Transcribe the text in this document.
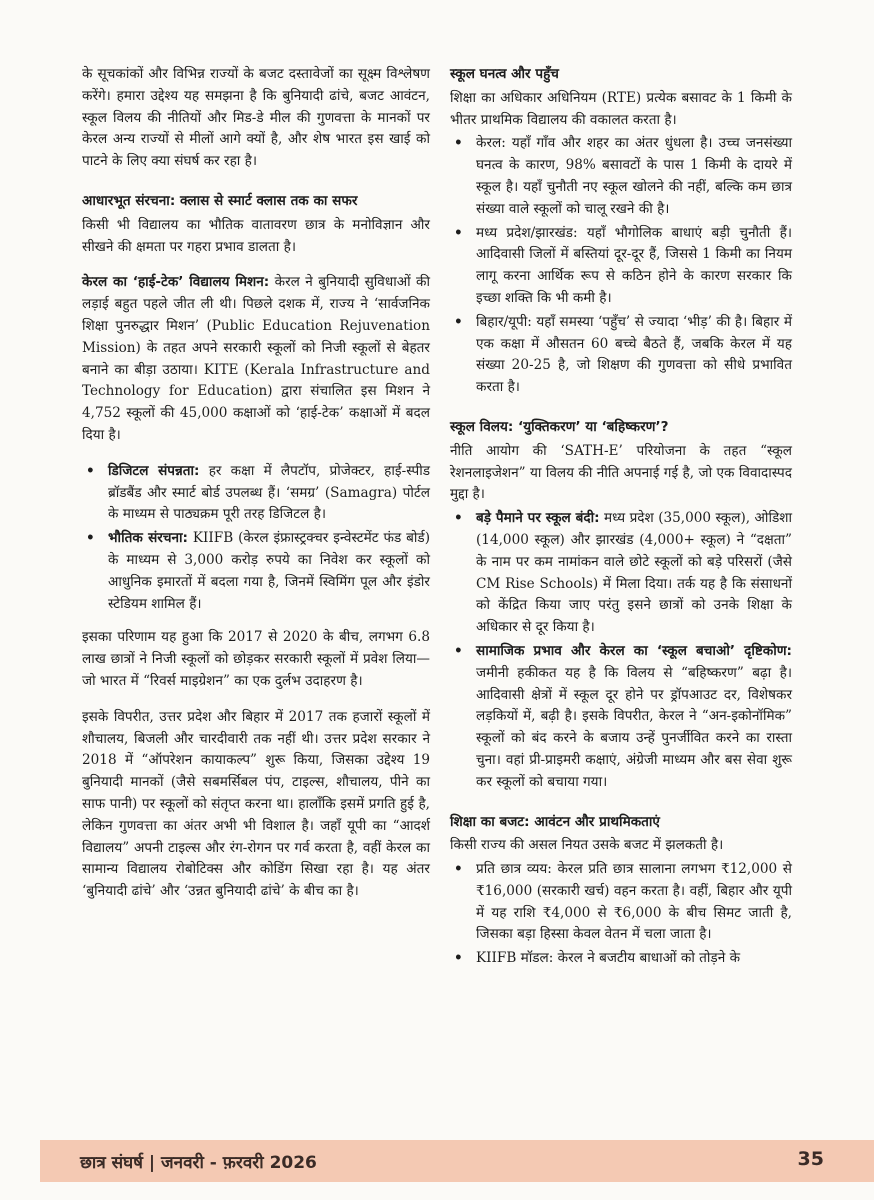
के सूचकांकों और विभिन्न राज्यों के बजट दस्तावेजों का सूक्ष्म विश्लेषण करेंगे। हमारा उद्देश्य यह समझना है कि बुनियादी ढांचे, बजट आवंटन, स्कूल विलय की नीतियों और मिड-डे मील की गुणवत्ता के मानकों पर केरल अन्य राज्यों से मीलों आगे क्यों है, और शेष भारत इस खाई को पाटने के लिए क्या संघर्ष कर रहा है।

आधारभूत संरचना: क्लास से स्मार्ट क्लास तक का सफर

किसी भी विद्यालय का भौतिक वातावरण छात्र के मनोविज्ञान और सीखने की क्षमता पर गहरा प्रभाव डालता है।

केरल का ‘हाई-टेक’ विद्यालय मिशन: केरल ने बुनियादी सुविधाओं की लड़ाई बहुत पहले जीत ली थी। पिछले दशक में, राज्य ने ‘सार्वजनिक शिक्षा पुनरुद्धार मिशन’ (Public Education Rejuvenation Mission) के तहत अपने सरकारी स्कूलों को निजी स्कूलों से बेहतर बनाने का बीड़ा उठाया। KITE (Kerala Infrastructure and Technology for Education) द्वारा संचालित इस मिशन ने 4,752 स्कूलों की 45,000 कक्षाओं को ‘हाई-टेक’ कक्षाओं में बदल दिया है।

• डिजिटल संपन्नता: हर कक्षा में लैपटॉप, प्रोजेक्टर, हाई-स्पीड ब्रॉडबैंड और स्मार्ट बोर्ड उपलब्ध हैं। ‘समग्र’ (Samagra) पोर्टल के माध्यम से पाठ्यक्रम पूरी तरह डिजिटल है।
• भौतिक संरचना: KIIFB (केरल इंफ्रास्ट्रक्चर इन्वेस्टमेंट फंड बोर्ड) के माध्यम से 3,000 करोड़ रुपये का निवेश कर स्कूलों को आधुनिक इमारतों में बदला गया है, जिनमें स्विमिंग पूल और इंडोर स्टेडियम शामिल हैं।

इसका परिणाम यह हुआ कि 2017 से 2020 के बीच, लगभग 6.8 लाख छात्रों ने निजी स्कूलों को छोड़कर सरकारी स्कूलों में प्रवेश लिया—जो भारत में “रिवर्स माइग्रेशन” का एक दुर्लभ उदाहरण है।

इसके विपरीत, उत्तर प्रदेश और बिहार में 2017 तक हजारों स्कूलों में शौचालय, बिजली और चारदीवारी तक नहीं थी। उत्तर प्रदेश सरकार ने 2018 में “ऑपरेशन कायाकल्प” शुरू किया, जिसका उद्देश्य 19 बुनियादी मानकों (जैसे सबमर्सिबल पंप, टाइल्स, शौचालय, पीने का साफ पानी) पर स्कूलों को संतृप्त करना था। हालाँकि इसमें प्रगति हुई है, लेकिन गुणवत्ता का अंतर अभी भी विशाल है। जहाँ यूपी का “आदर्श विद्यालय” अपनी टाइल्स और रंग-रोगन पर गर्व करता है, वहीं केरल का सामान्य विद्यालय रोबोटिक्स और कोडिंग सिखा रहा है। यह अंतर ‘बुनियादी ढांचे’ और ‘उन्नत बुनियादी ढांचे’ के बीच का है।

स्कूल घनत्व और पहुँच

शिक्षा का अधिकार अधिनियम (RTE) प्रत्येक बसावट के 1 किमी के भीतर प्राथमिक विद्यालय की वकालत करता है।

• केरल: यहाँ गाँव और शहर का अंतर धुंधला है। उच्च जनसंख्या घनत्व के कारण, 98% बसावटों के पास 1 किमी के दायरे में स्कूल है। यहाँ चुनौती नए स्कूल खोलने की नहीं, बल्कि कम छात्र संख्या वाले स्कूलों को चालू रखने की है।
• मध्य प्रदेश/झारखंड: यहाँ भौगोलिक बाधाएं बड़ी चुनौती हैं। आदिवासी जिलों में बस्तियां दूर-दूर हैं, जिससे 1 किमी का नियम लागू करना आर्थिक रूप से कठिन होने के कारण सरकार कि इच्छा शक्ति कि भी कमी है।
• बिहार/यूपी: यहाँ समस्या ‘पहुँच’ से ज्यादा ‘भीड़’ की है। बिहार में एक कक्षा में औसतन 60 बच्चे बैठते हैं, जबकि केरल में यह संख्या 20-25 है, जो शिक्षण की गुणवत्ता को सीधे प्रभावित करता है।
स्कूल विलय: ‘युक्तिकरण’ या ‘बहिष्करण’?

नीति आयोग की ‘SATH-E’ परियोजना के तहत “स्कूल रेशनलाइजेशन” या विलय की नीति अपनाई गई है, जो एक विवादास्पद मुद्दा है।

• बड़े पैमाने पर स्कूल बंदी: मध्य प्रदेश (35,000 स्कूल), ओडिशा (14,000 स्कूल) और झारखंड (4,000+ स्कूल) ने “दक्षता” के नाम पर कम नामांकन वाले छोटे स्कूलों को बड़े परिसरों (जैसे CM Rise Schools) में मिला दिया। तर्क यह है कि संसाधनों को केंद्रित किया जाए परंतु इसने छात्रों को उनके शिक्षा के अधिकार से दूर किया है।
• सामाजिक प्रभाव और केरल का ‘स्कूल बचाओ’ दृष्टिकोण: जमीनी हकीकत यह है कि विलय से “बहिष्करण” बढ़ा है। आदिवासी क्षेत्रों में स्कूल दूर होने पर ड्रॉपआउट दर, विशेषकर लड़कियों में, बढ़ी है। इसके विपरीत, केरल ने “अन-इकोनॉमिक” स्कूलों को बंद करने के बजाय उन्हें पुनर्जीवित करने का रास्ता चुना। वहां प्री-प्राइमरी कक्षाएं, अंग्रेजी माध्यम और बस सेवा शुरू कर स्कूलों को बचाया गया।
शिक्षा का बजट: आवंटन और प्राथमिकताएं

किसी राज्य की असल नियत उसके बजट में झलकती है।

• प्रति छात्र व्यय: केरल प्रति छात्र सालाना लगभग ₹12,000 से ₹16,000 (सरकारी खर्च) वहन करता है। वहीं, बिहार और यूपी में यह राशि ₹4,000 से ₹6,000 के बीच सिमट जाती है, जिसका बड़ा हिस्सा केवल वेतन में चला जाता है।
• KIIFB मॉडल: केरल ने बजटीय बाधाओं को तोड़ने के
छात्र संघर्ष | जनवरी - फ़रवरी 2026	35
